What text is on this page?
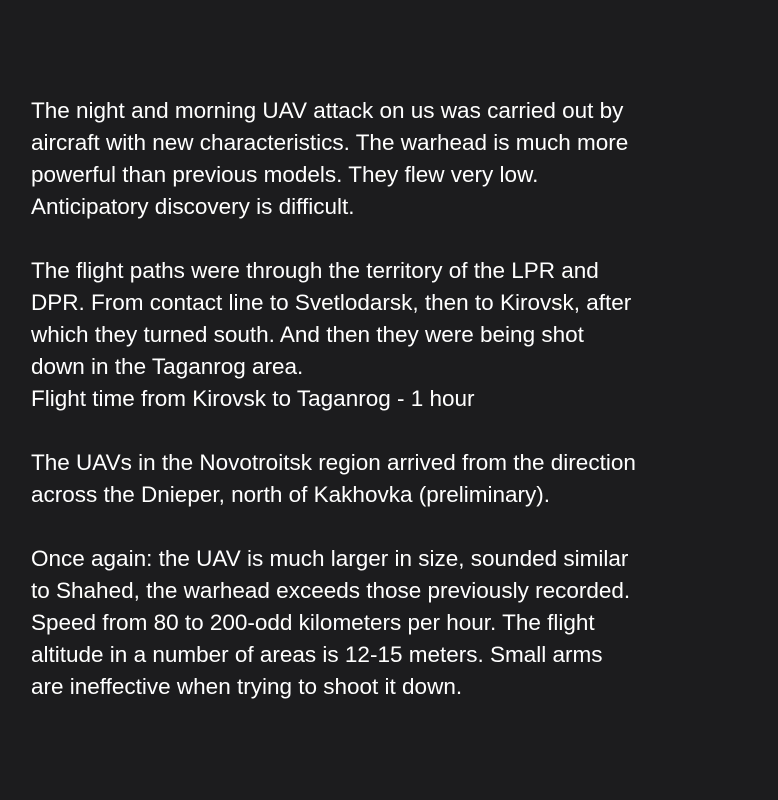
The night and morning UAV attack on us was carried out by
aircraft with new characteristics. The warhead is much more
powerful than previous models. They flew very low.
Anticipatory discovery is difficult.
The flight paths were through the territory of the LPR and
DPR. From contact line to Svetlodarsk, then to Kirovsk, after
which they turned south. And then they were being shot
down in the Taganrog area.
Flight time from Kirovsk to Taganrog - 1 hour
The UAVs in the Novotroitsk region arrived from the direction
across the Dnieper, north of Kakhovka (preliminary).
Once again: the UAV is much larger in size, sounded similar
to Shahed, the warhead exceeds those previously recorded.
Speed from 80 to 200-odd kilometers per hour. The flight
altitude in a number of areas is 12-15 meters. Small arms
are ineffective when trying to shoot it down.
